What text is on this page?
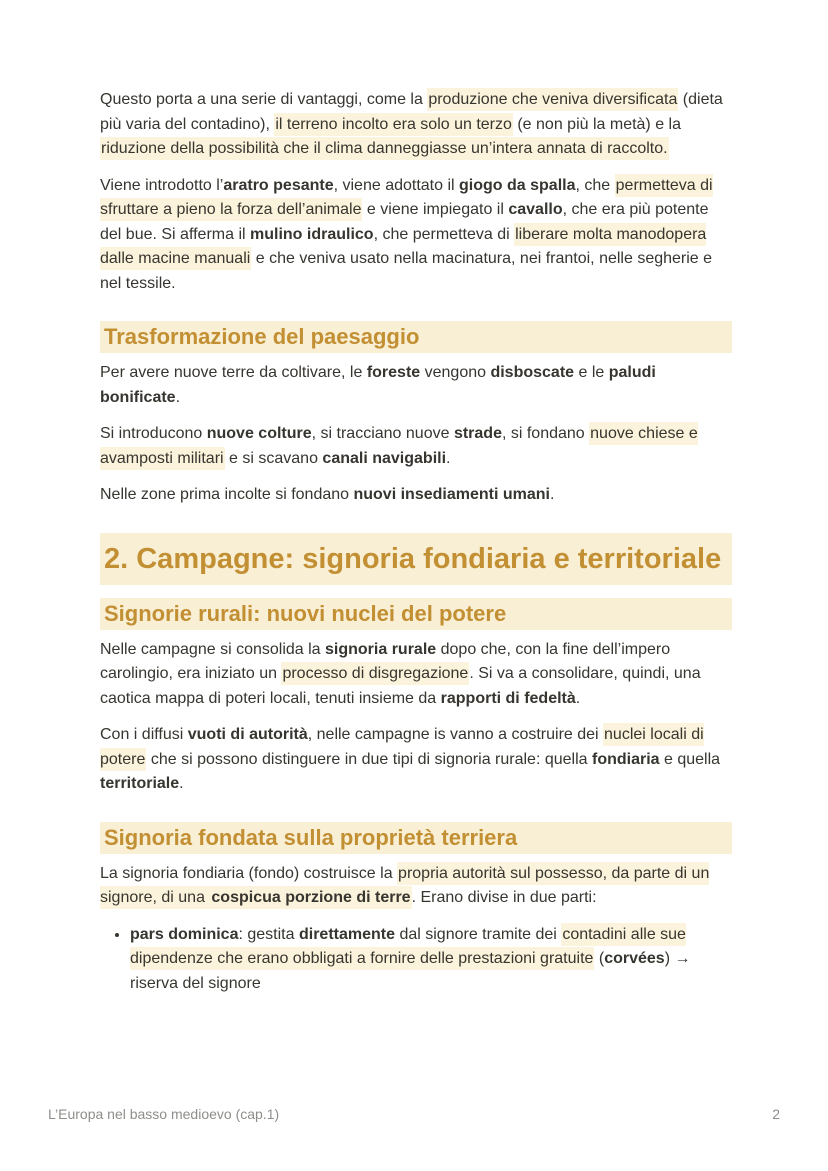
Questo porta a una serie di vantaggi, come la produzione che veniva diversificata (dieta più varia del contadino), il terreno incolto era solo un terzo (e non più la metà) e la riduzione della possibilità che il clima danneggiasse un’intera annata di raccolto.

Viene introdotto l’aratro pesante, viene adottato il giogo da spalla, che permetteva di sfruttare a pieno la forza dell’animale e viene impiegato il cavallo, che era più potente del bue. Si afferma il mulino idraulico, che permetteva di liberare molta manodopera dalle macine manuali e che veniva usato nella macinatura, nei frantoi, nelle segherie e nel tessile.

Trasformazione del paesaggio

Per avere nuove terre da coltivare, le foreste vengono disboscate e le paludi bonificate.

Si introducono nuove colture, si tracciano nuove strade, si fondano nuove chiese e avamposti militari e si scavano canali navigabili.

Nelle zone prima incolte si fondano nuovi insediamenti umani.

2. Campagne: signoria fondiaria e territoriale
Signorie rurali: nuovi nuclei del potere

Nelle campagne si consolida la signoria rurale dopo che, con la fine dell’impero carolingio, era iniziato un processo di disgregazione. Si va a consolidare, quindi, una caotica mappa di poteri locali, tenuti insieme da rapporti di fedeltà.

Con i diffusi vuoti di autorità, nelle campagne is vanno a costruire dei nuclei locali di potere che si possono distinguere in due tipi di signoria rurale: quella fondiaria e quella territoriale.

Signoria fondata sulla proprietà terriera

La signoria fondiaria (fondo) costruisce la propria autorità sul possesso, da parte di un signore, di una cospicua porzione di terre. Erano divise in due parti:

• pars dominica: gestita direttamente dal signore tramite dei contadini alle sue dipendenze che erano obbligati a fornire delle prestazioni gratuite (corvées) → riserva del signore
L’Europa nel basso medioevo (cap.1)	2
